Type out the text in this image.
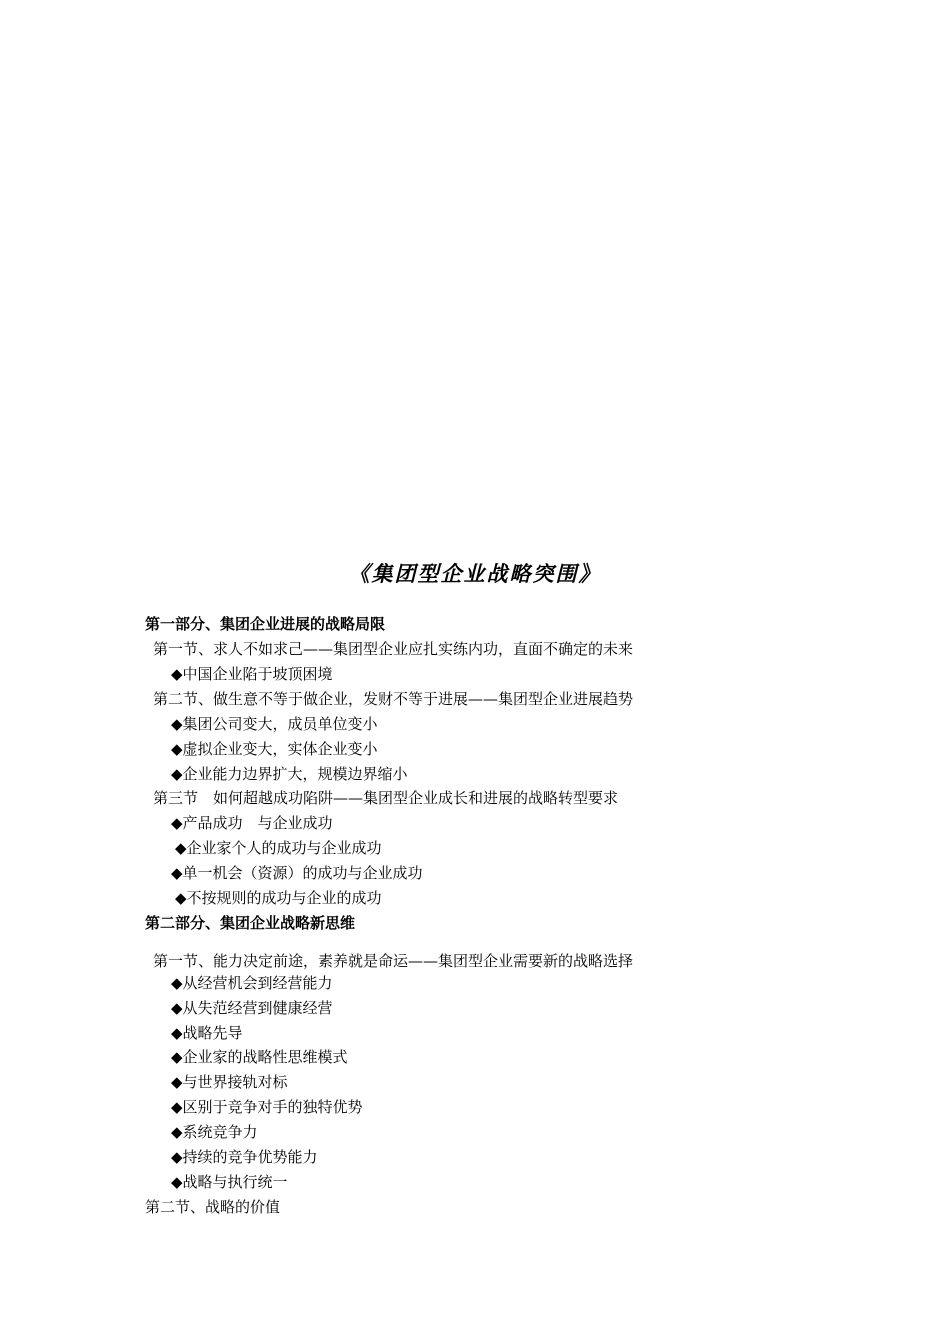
《集团型企业战略突围》
第一部分、集团企业进展的战略局限
第一节、求人不如求己——集团型企业应扎实练内功，直面不确定的未来
◆中国企业陷于坡顶困境
第二节、做生意不等于做企业，发财不等于进展——集团型企业进展趋势
◆集团公司变大，成员单位变小
◆虚拟企业变大，实体企业变小
◆企业能力边界扩大，规模边界缩小
第三节　如何超越成功陷阱——集团型企业成长和进展的战略转型要求
◆产品成功　与企业成功
◆企业家个人的成功与企业成功
◆单一机会（资源）的成功与企业成功
◆不按规则的成功与企业的成功
第二部分、集团企业战略新思维
第一节、能力决定前途，素养就是命运——集团型企业需要新的战略选择
◆从经营机会到经营能力
◆从失范经营到健康经营
◆战略先导
◆企业家的战略性思维模式
◆与世界接轨对标
◆区别于竞争对手的独特优势
◆系统竞争力
◆持续的竞争优势能力
◆战略与执行统一
第二节、战略的价值
